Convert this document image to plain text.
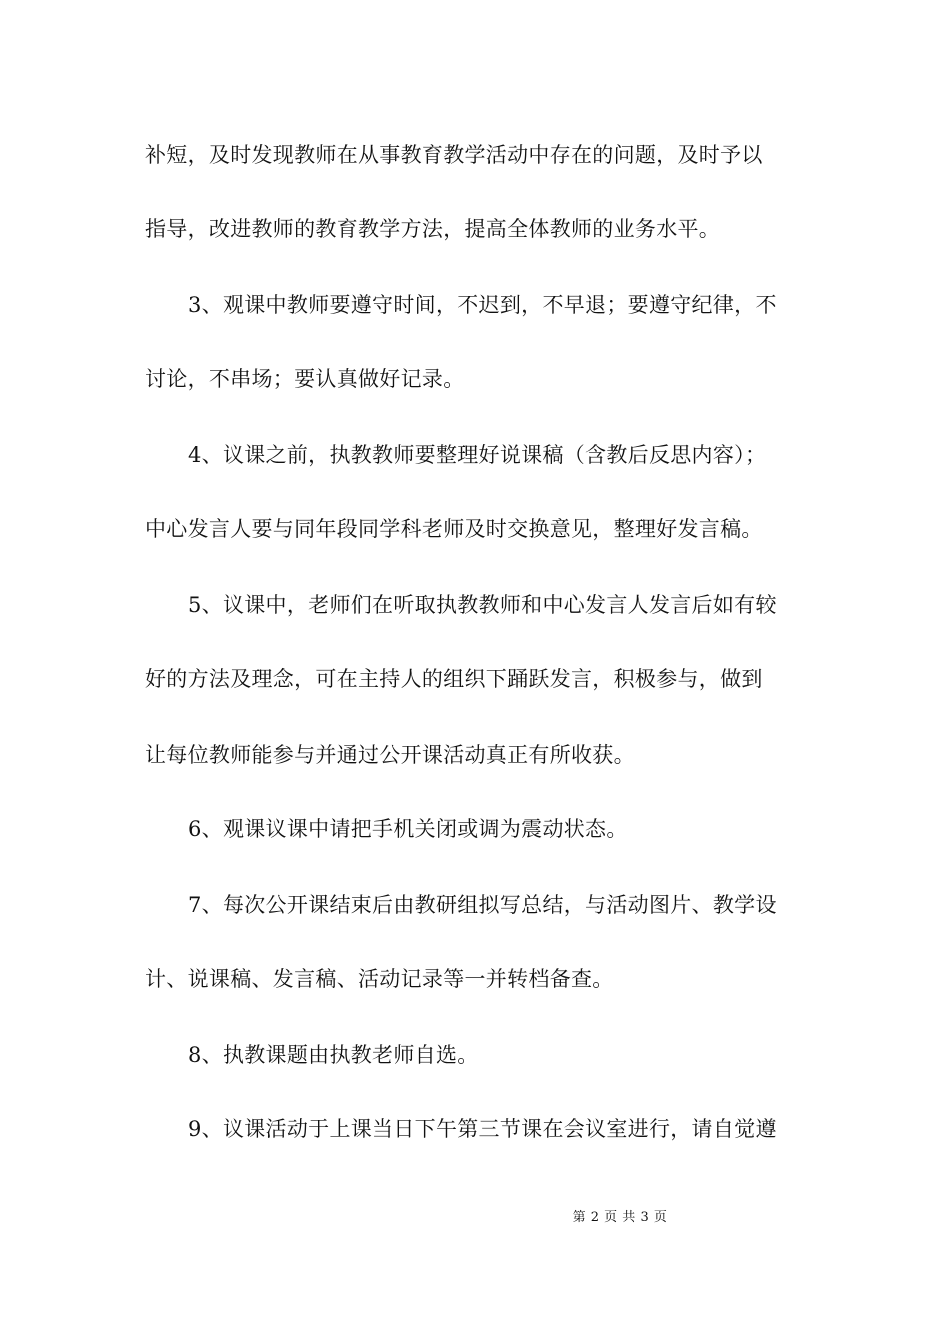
补短，及时发现教师在从事教育教学活动中存在的问题，及时予以
指导，改进教师的教育教学方法，提高全体教师的业务水平。
3、观课中教师要遵守时间，不迟到，不早退；要遵守纪律，不
讨论，不串场；要认真做好记录。
4、议课之前，执教教师要整理好说课稿（含教后反思内容）；
中心发言人要与同年段同学科老师及时交换意见，整理好发言稿。
5、议课中，老师们在听取执教教师和中心发言人发言后如有较
好的方法及理念，可在主持人的组织下踊跃发言，积极参与，做到
让每位教师能参与并通过公开课活动真正有所收获。
6、观课议课中请把手机关闭或调为震动状态。
7、每次公开课结束后由教研组拟写总结，与活动图片、教学设
计、说课稿、发言稿、活动记录等一并转档备查。
8、执教课题由执教老师自选。
9、议课活动于上课当日下午第三节课在会议室进行，请自觉遵
第 2 页 共 3 页
